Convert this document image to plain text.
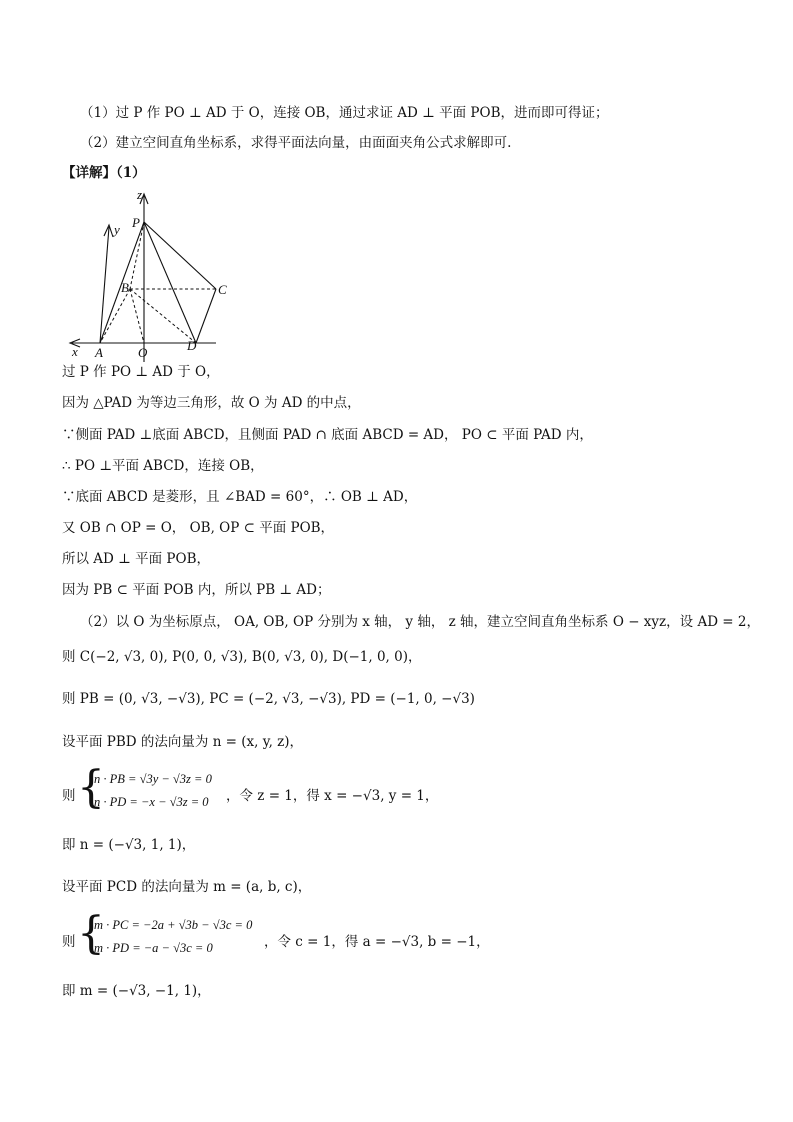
（1）过 P 作 PO ⊥ AD 于 O，连接 OB，通过求证 AD ⊥ 平面 POB，进而即可得证；
（2）建立空间直角坐标系，求得平面法向量，由面面夹角公式求解即可.
【详解】（1）
z
y
x
P
B	C
A	O	D
过 P 作 PO ⊥ AD 于 O，
因为 △PAD 为等边三角形，故 O 为 AD 的中点，
∵侧面 PAD ⊥底面 ABCD，且侧面 PAD ∩ 底面 ABCD = AD， PO ⊂ 平面 PAD 内，
∴ PO ⊥平面 ABCD，连接 OB，
∵底面 ABCD 是菱形，且 ∠BAD = 60°，∴ OB ⊥ AD，
又 OB ∩ OP = O， OB, OP ⊂ 平面 POB，
所以 AD ⊥ 平面 POB，
因为 PB ⊂ 平面 POB 内，所以 PB ⊥ AD；
（2）以 O 为坐标原点， OA, OB, OP 分别为 x 轴， y 轴， z 轴，建立空间直角坐标系 O − xyz，设 AD = 2，
则 C(−2, √3, 0), P(0, 0, √3), B(0, √3, 0), D(−1, 0, 0)，
则 PB = (0, √3, −√3), PC = (−2, √3, −√3), PD = (−1, 0, −√3)
设平面 PBD 的法向量为 n = (x, y, z)，
则 {
n · PB = √3y − √3z = 0
n · PD = −x − √3z = 0 ，令 z = 1，得 x = −√3, y = 1，
即 n = (−√3, 1, 1)，
设平面 PCD 的法向量为 m = (a, b, c)，
则 {
m · PC = −2a + √3b − √3c = 0
m · PD = −a − √3c = 0	，令 c = 1，得 a = −√3, b = −1，
即 m = (−√3, −1, 1)，
